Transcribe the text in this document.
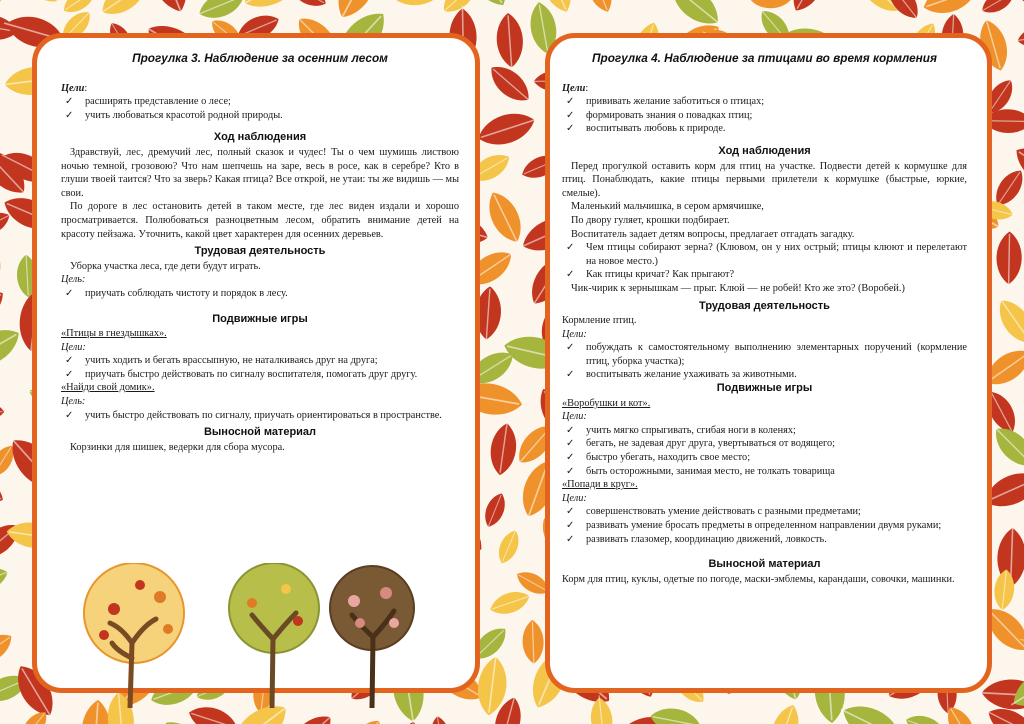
Прогулка 3. Наблюдение за осенним лесом
Цели:
✓ расширять представление о лесе;
✓ учить любоваться красотой родной природы.
Ход наблюдения

Здравствуй, лес, дремучий лес, полный сказок и чудес! Ты о чем шумишь листвою ночью темной, грозовою? Что нам шепчешь на заре, весь в росе, как в серебре? Кто в глуши твоей таится? Что за зверь? Какая птица? Все открой, не утаи: ты же видишь — мы свои.

По дороге в лес остановить детей в таком месте, где лес виден издали и хорошо просматривается. Полюбоваться разноцветным лесом, обратить внимание детей на красоту пейзажа. Уточнить, какой цвет характерен для осенних деревьев.

Трудовая деятельность

Уборка участка леса, где дети будут играть.

Цель:
✓ приучать соблюдать чистоту и порядок в лесу.
Подвижные игры
«Птицы в гнездышках».
Цели:
✓ учить ходить и бегать врассыпную, не наталкиваясь друг на друга;
✓ приучать быстро действовать по сигналу воспитателя, помогать друг другу.
«Найди свой домик».
Цель:
✓ учить быстро действовать по сигналу, приучать ориентироваться в пространстве.
Выносной материал

Корзинки для шишек, ведерки для сбора мусора.

Прогулка 4. Наблюдение за птицами во время кормления
Цели:
✓ прививать желание заботиться о птицах;
✓ формировать знания о повадках птиц;
✓ воспитывать любовь к природе.
Ход наблюдения

Перед прогулкой оставить корм для птиц на участке. Подвести детей к кормушке для птиц. Понаблюдать, какие птицы первыми прилетели к кормушке (быстрые, юркие, смелые).

Маленький мальчишка, в сером армячишке,

По двору гуляет, крошки подбирает.

Воспитатель задает детям вопросы, предлагает отгадать загадку.

✓ Чем птицы собирают зерна? (Клювом, он у них острый; птицы клюют и перелетают на новое место.)
✓ Как птицы кричат? Как прыгают?

Чик-чирик к зернышкам — прыг. Клюй — не робей! Кто же это? (Воробей.)

Трудовая деятельность
Кормление птиц.
Цели:
✓ побуждать к самостоятельному выполнению элементарных поручений (кормление птиц, уборка участка);
✓ воспитывать желание ухаживать за животными.
Подвижные игры
«Воробушки и кот».
Цели:
✓ учить мягко спрыгивать, сгибая ноги в коленях;
✓ бегать, не задевая друг друга, увертываться от водящего;
✓ быстро убегать, находить свое место;
✓ быть осторожными, занимая место, не толкать товарища
«Попади в круг».
Цели:
✓ совершенствовать умение действовать с разными предметами;
✓ развивать умение бросать предметы в определенном направлении двумя руками;
✓ развивать глазомер, координацию движений, ловкость.
Выносной материал
Корм для птиц, куклы, одетые по погоде, маски-эмблемы, карандаши, совочки, машинки.
